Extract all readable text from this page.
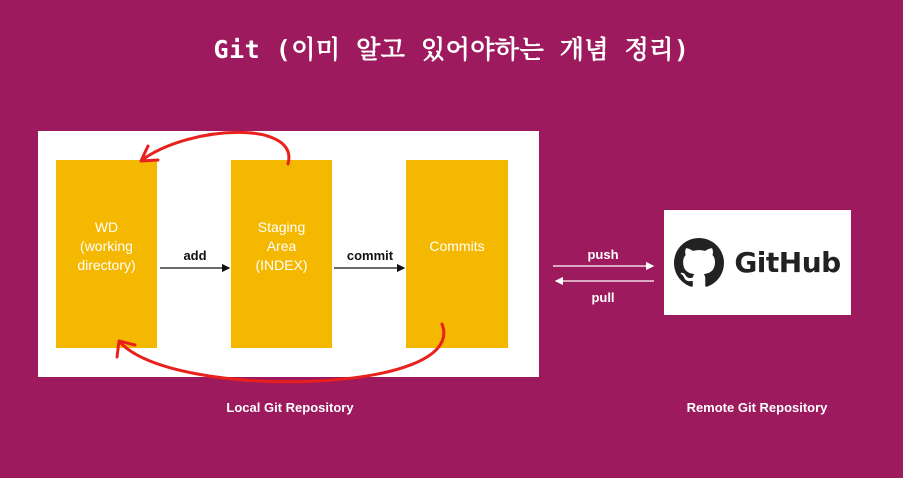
Git (이미 알고 있어야하는 개념 정리)
WD
(working
directory)
Staging
Area
(INDEX)
Commits
add	commit	push
pull
GitHub
Local Git Repository	Remote Git Repository
